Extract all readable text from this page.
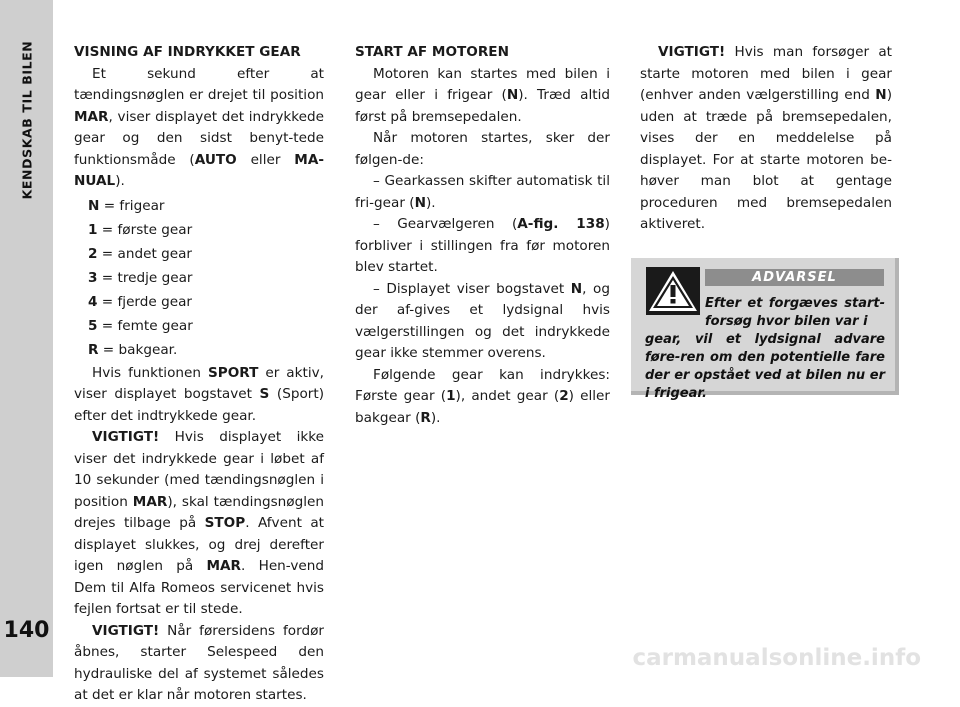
KENDSKAB TIL BILEN
140

VISNING AF INDRYKKET GEAR

Et sekund efter at tændingsnøglen er drejet til position MAR, viser displayet det indrykkede gear og den sidst benyt-tede funktionsmåde (AUTO eller MA-NUAL).

N = frigear

1 = første gear

2 = andet gear

3 = tredje gear

4 = fjerde gear

5 = femte gear

R = bakgear.

Hvis funktionen SPORT er aktiv, viser displayet bogstavet S (Sport) efter det indtrykkede gear.

VIGTIGT! Hvis displayet ikke viser det indrykkede gear i løbet af 10 sekunder (med tændingsnøglen i position MAR), skal tændingsnøglen drejes tilbage på STOP. Afvent at displayet slukkes, og drej derefter igen nøglen på MAR. Hen-vend Dem til Alfa Romeos servicenet hvis fejlen fortsat er til stede.

VIGTIGT! Når førersidens fordør åbnes, starter Selespeed den hydrauliske del af systemet således at det er klar når motoren startes.

START AF MOTOREN

Motoren kan startes med bilen i gear eller i frigear (N). Træd altid først på bremsepedalen.

Når motoren startes, sker der følgen-de:

– Gearkassen skifter automatisk til fri-gear (N).

– Gearvælgeren (A-fig. 138) forbliver i stillingen fra før motoren blev startet.

– Displayet viser bogstavet N, og der af-gives et lydsignal hvis vælgerstillingen og det indrykkede gear ikke stemmer overens.

Følgende gear kan indrykkes: Første gear (1), andet gear (2) eller bakgear (R).

VIGTIGT! Hvis man forsøger at starte motoren med bilen i gear (enhver anden vælgerstilling end N) uden at træde på bremsepedalen, vises der en meddelelse på displayet. For at starte motoren be-høver man blot at gentage proceduren med bremsepedalen aktiveret.

ADVARSEL
Efter et forgæves start-forsøg hvor bilen var i
gear, vil et lydsignal advare føre-ren om den potentielle fare der er opstået ved at bilen nu er i frigear.
carmanualsonline.info
